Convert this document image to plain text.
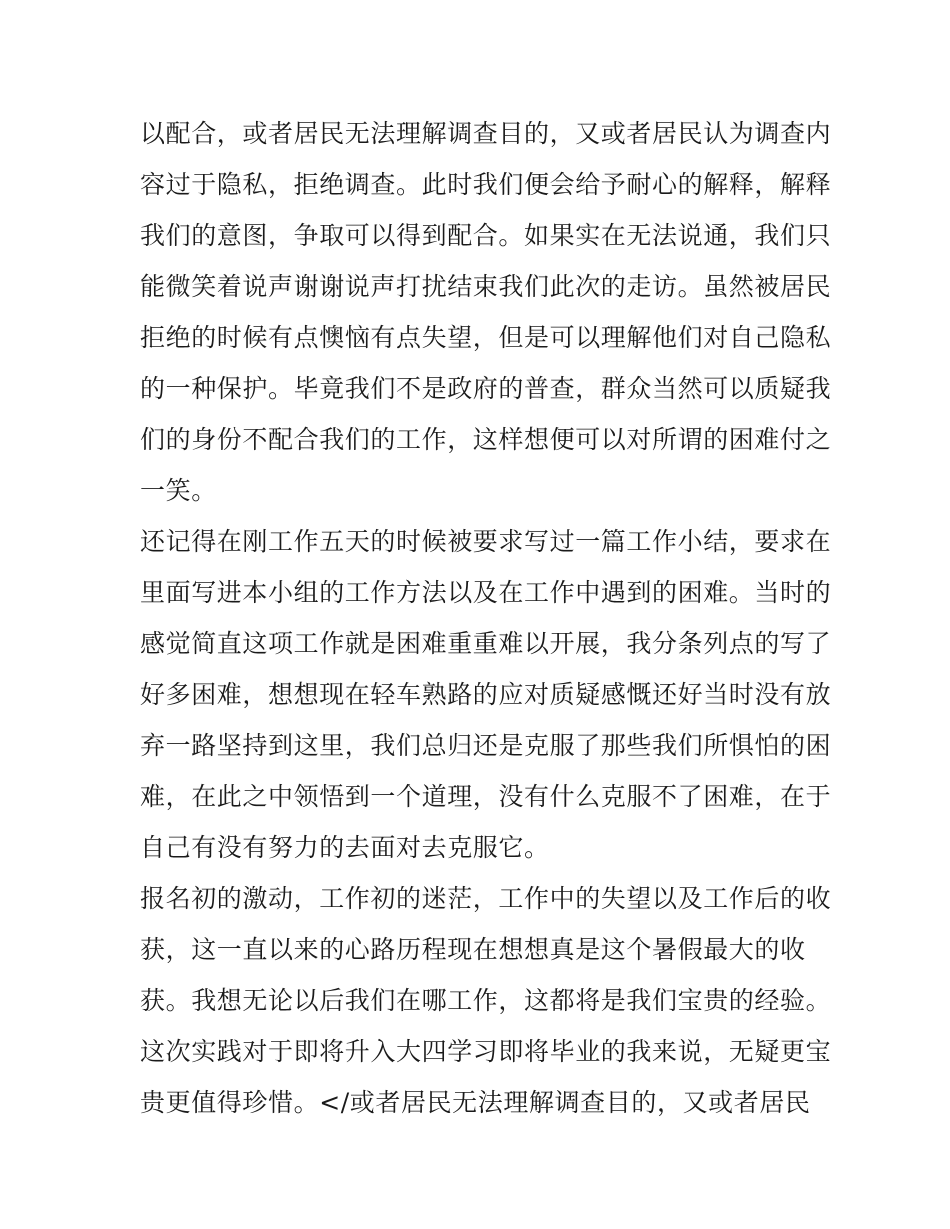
以配合，或者居民无法理解调查目的，又或者居民认为调查内
容过于隐私，拒绝调查。此时我们便会给予耐心的解释，解释
我们的意图，争取可以得到配合。如果实在无法说通，我们只
能微笑着说声谢谢说声打扰结束我们此次的走访。虽然被居民
拒绝的时候有点懊恼有点失望，但是可以理解他们对自己隐私
的一种保护。毕竟我们不是政府的普查，群众当然可以质疑我
们的身份不配合我们的工作，这样想便可以对所谓的困难付之
一笑。
还记得在刚工作五天的时候被要求写过一篇工作小结，要求在
里面写进本小组的工作方法以及在工作中遇到的困难。当时的
感觉简直这项工作就是困难重重难以开展，我分条列点的写了
好多困难，想想现在轻车熟路的应对质疑感慨还好当时没有放
弃一路坚持到这里，我们总归还是克服了那些我们所惧怕的困
难，在此之中领悟到一个道理，没有什么克服不了困难，在于
自己有没有努力的去面对去克服它。
报名初的激动，工作初的迷茫，工作中的失望以及工作后的收
获，这一直以来的心路历程现在想想真是这个暑假最大的收
获。我想无论以后我们在哪工作，这都将是我们宝贵的经验。
这次实践对于即将升入大四学习即将毕业的我来说，无疑更宝
贵更值得珍惜。</或者居民无法理解调查目的，又或者居民
